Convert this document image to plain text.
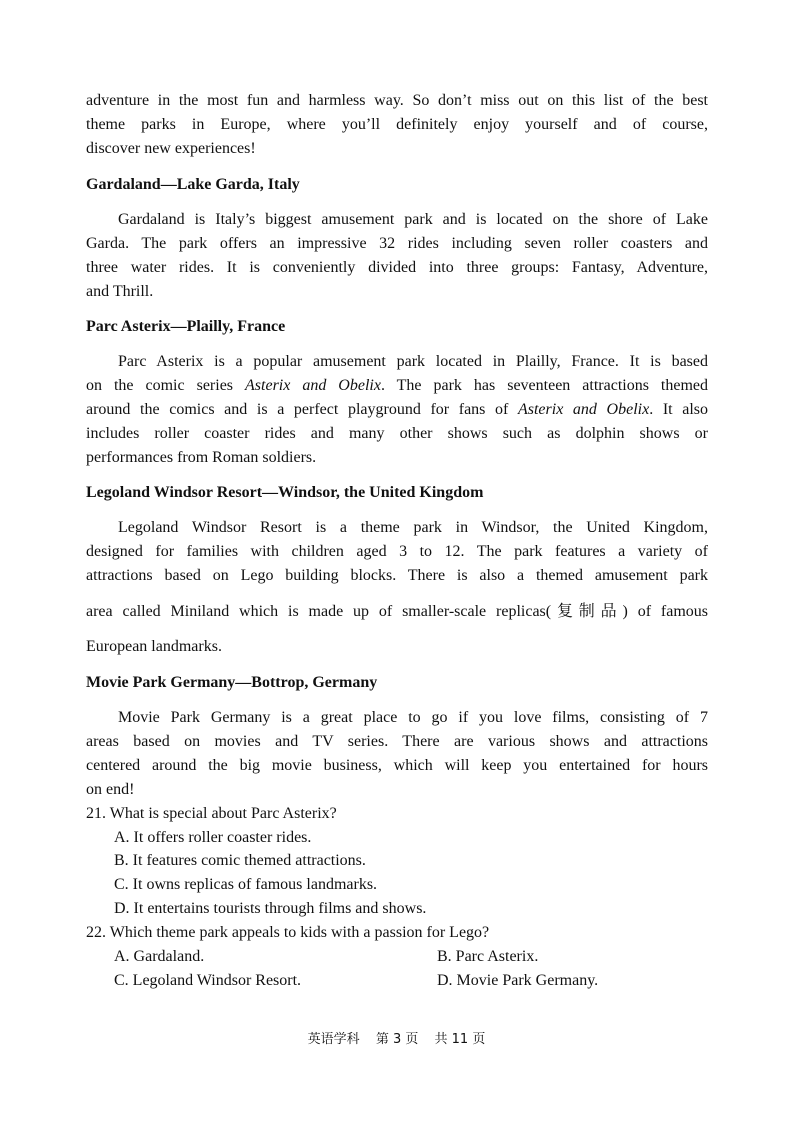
adventure in the most fun and harmless way. So don’t miss out on this list of the best

theme parks in Europe, where you’ll definitely enjoy yourself and of course,

discover new experiences!

Gardaland—Lake Garda, Italy

Gardaland is Italy’s biggest amusement park and is located on the shore of Lake

Garda. The park offers an impressive 32 rides including seven roller coasters and

three water rides. It is conveniently divided into three groups: Fantasy, Adventure,

and Thrill.

Parc Asterix—Plailly, France

Parc Asterix is a popular amusement park located in Plailly, France. It is based

on the comic series Asterix and Obelix. The park has seventeen attractions themed

around the comics and is a perfect playground for fans of Asterix and Obelix. It also

includes roller coaster rides and many other shows such as dolphin shows or

performances from Roman soldiers.

Legoland Windsor Resort—Windsor, the United Kingdom

Legoland Windsor Resort is a theme park in Windsor, the United Kingdom,

designed for families with children aged 3 to 12. The park features a variety of

attractions based on Lego building blocks. There is also a themed amusement park

area called Miniland which is made up of smaller-scale replicas(复制品) of famous

European landmarks.

Movie Park Germany—Bottrop, Germany

Movie Park Germany is a great place to go if you love films, consisting of 7

areas based on movies and TV series. There are various shows and attractions

centered around the big movie business, which will keep you entertained for hours

on end!

21. What is special about Parc Asterix?

A. It offers roller coaster rides.

B. It features comic themed attractions.

C. It owns replicas of famous landmarks.

D. It entertains tourists through films and shows.

22. Which theme park appeals to kids with a passion for Lego?

A. Gardaland.	B. Parc Asterix.

C. Legoland Windsor Resort.	D. Movie Park Germany.

英语学科 第 3 页 共 11 页
